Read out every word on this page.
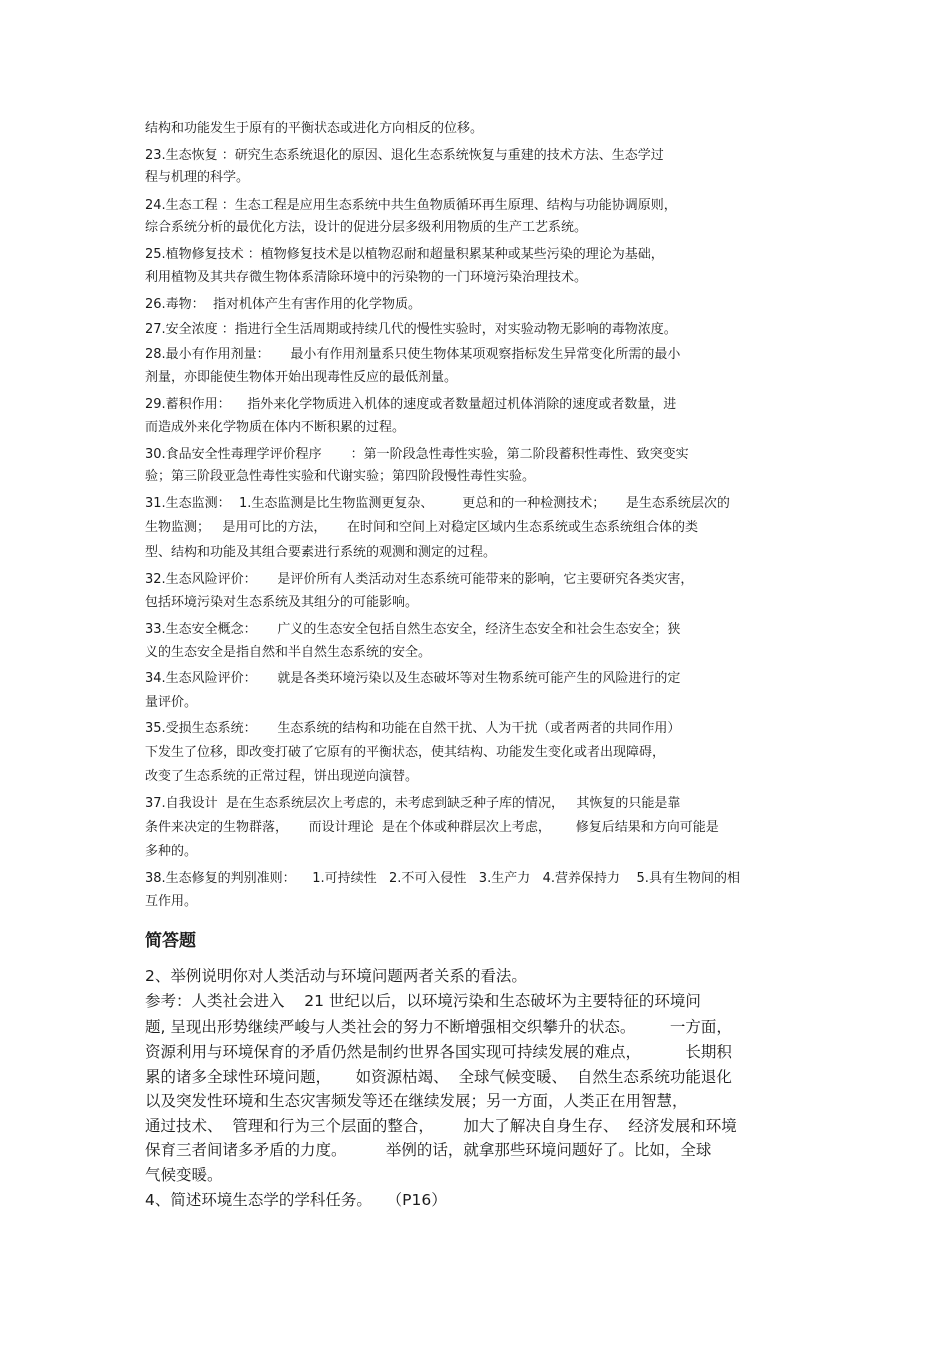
结构和功能发生于原有的平衡状态或进化方向相反的位移。

23.生态恢复 ：研究生态系统退化的原因、退化生态系统恢复与重建的技术方法、生态学过

程与机理的科学。

24.生态工程 ：生态工程是应用生态系统中共生鱼物质循环再生原理、结构与功能协调原则，

综合系统分析的最优化方法，设计的促进分层多级利用物质的生产工艺系统。

25.植物修复技术 ：植物修复技术是以植物忍耐和超量积累某种或某些污染的理论为基础，

利用植物及其共存微生物体系清除环境中的污染物的一门环境污染治理技术。

26.毒物：  指对机体产生有害作用的化学物质。

27.安全浓度 ：指进行全生活周期或持续几代的慢性实验时，对实验动物无影响的毒物浓度。

28.最小有作用剂量：     最小有作用剂量系只使生物体某项观察指标发生异常变化所需的最小

剂量，亦即能使生物体开始出现毒性反应的最低剂量。

29.蓄积作用：    指外来化学物质进入机体的速度或者数量超过机体消除的速度或者数量，进

而造成外来化学物质在体内不断积累的过程。

30.食品安全性毒理学评价程序       ：第一阶段急性毒性实验，第二阶段蓄积性毒性、致突变实

验；第三阶段亚急性毒性实验和代谢实验；第四阶段慢性毒性实验。

31.生态监测：  1.生态监测是比生物监测更复杂、       更总和的一种检测技术；     是生态系统层次的

生物监测；   是用可比的方法，     在时间和空间上对稳定区域内生态系统或生态系统组合体的类

型、结构和功能及其组合要素进行系统的观测和测定的过程。

32.生态风险评价：     是评价所有人类活动对生态系统可能带来的影响，它主要研究各类灾害，

包括环境污染对生态系统及其组分的可能影响。

33.生态安全概念：     广义的生态安全包括自然生态安全，经济生态安全和社会生态安全；狭

义的生态安全是指自然和半自然生态系统的安全。

34.生态风险评价：     就是各类环境污染以及生态破坏等对生物系统可能产生的风险进行的定

量评价。

35.受损生态系统：     生态系统的结构和功能在自然干扰、人为干扰（或者两者的共同作用）

下发生了位移，即改变打破了它原有的平衡状态，使其结构、功能发生变化或者出现障碍，

改变了生态系统的正常过程，饼出现逆向演替。

37.自我设计  是在生态系统层次上考虑的，未考虑到缺乏种子库的情况，   其恢复的只能是靠

条件来决定的生物群落，     而设计理论  是在个体或种群层次上考虑，      修复后结果和方向可能是

多种的。

38.生态修复的判别准则：    1.可持续性   2.不可入侵性   3.生产力   4.营养保持力    5.具有生物间的相

互作用。

简答题

2、举例说明你对人类活动与环境问题两者关系的看法。

参考：人类社会进入    21 世纪以后，以环境污染和生态破坏为主要特征的环境问

题, 呈现出形势继续严峻与人类社会的努力不断增强相交织攀升的状态。       一方面，

资源利用与环境保育的矛盾仍然是制约世界各国实现可持续发展的难点，         长期积

累的诸多全球性环境问题，     如资源枯竭、  全球气候变暖、  自然生态系统功能退化

以及突发性环境和生态灾害频发等还在继续发展；另一方面，人类正在用智慧，

通过技术、  管理和行为三个层面的整合，      加大了解决自身生存、  经济发展和环境

保育三者间诸多矛盾的力度。        举例的话，就拿那些环境问题好了。比如，全球

气候变暖。

4、简述环境生态学的学科任务。   （P16）
